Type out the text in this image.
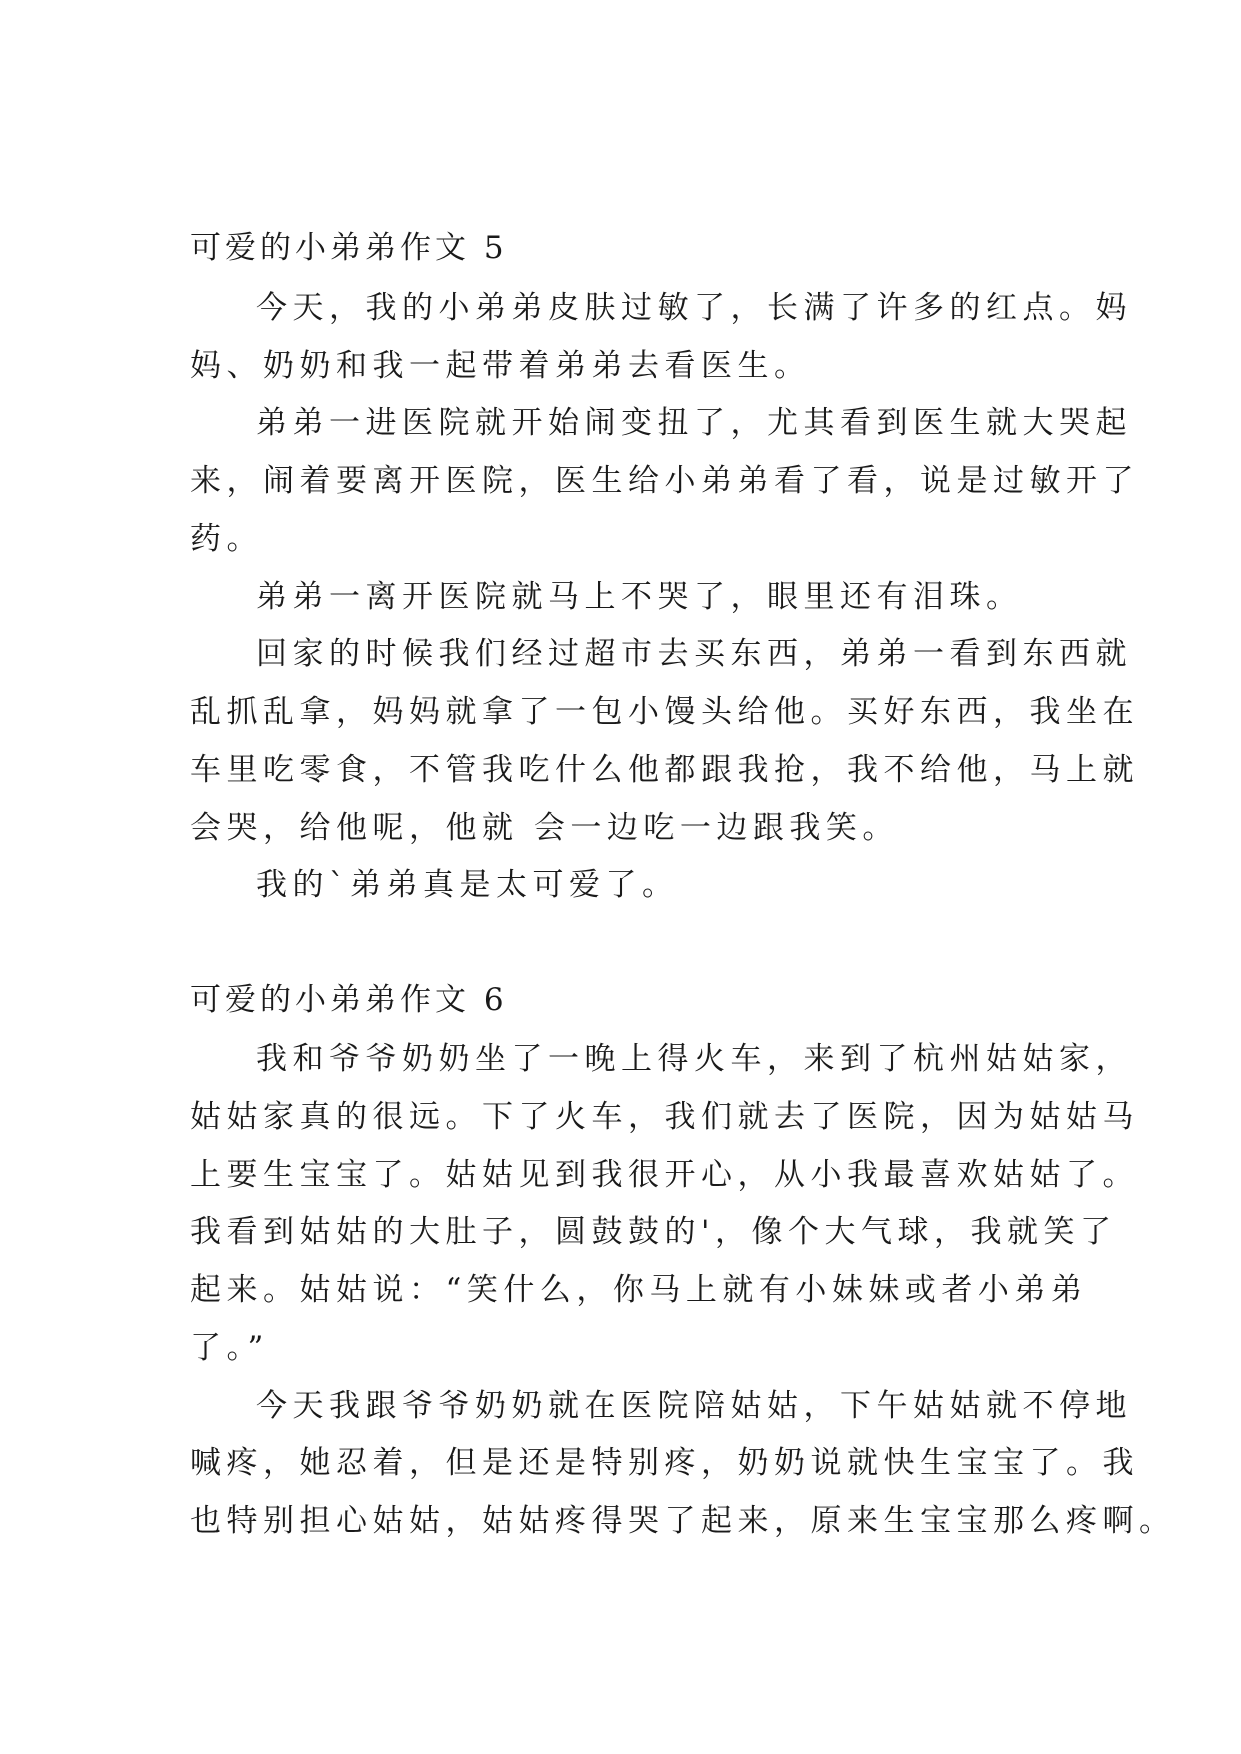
可爱的小弟弟作文 5
今天，我的小弟弟皮肤过敏了，长满了许多的红点。妈
妈、奶奶和我一起带着弟弟去看医生。
弟弟一进医院就开始闹变扭了，尤其看到医生就大哭起
来，闹着要离开医院，医生给小弟弟看了看，说是过敏开了
药。
弟弟一离开医院就马上不哭了，眼里还有泪珠。
回家的时候我们经过超市去买东西，弟弟一看到东西就
乱抓乱拿，妈妈就拿了一包小馒头给他。买好东西，我坐在
车里吃零食，不管我吃什么他都跟我抢，我不给他，马上就
会哭，给他呢，他就 会一边吃一边跟我笑。
我的`弟弟真是太可爱了。
可爱的小弟弟作文 6
我和爷爷奶奶坐了一晚上得火车，来到了杭州姑姑家，
姑姑家真的很远。下了火车，我们就去了医院，因为姑姑马
上要生宝宝了。姑姑见到我很开心，从小我最喜欢姑姑了。
我看到姑姑的大肚子，圆鼓鼓的'，像个大气球，我就笑了
起来。姑姑说：“笑什么，你马上就有小妹妹或者小弟弟
了。”
今天我跟爷爷奶奶就在医院陪姑姑，下午姑姑就不停地
喊疼，她忍着，但是还是特别疼，奶奶说就快生宝宝了。我
也特别担心姑姑，姑姑疼得哭了起来，原来生宝宝那么疼啊。
